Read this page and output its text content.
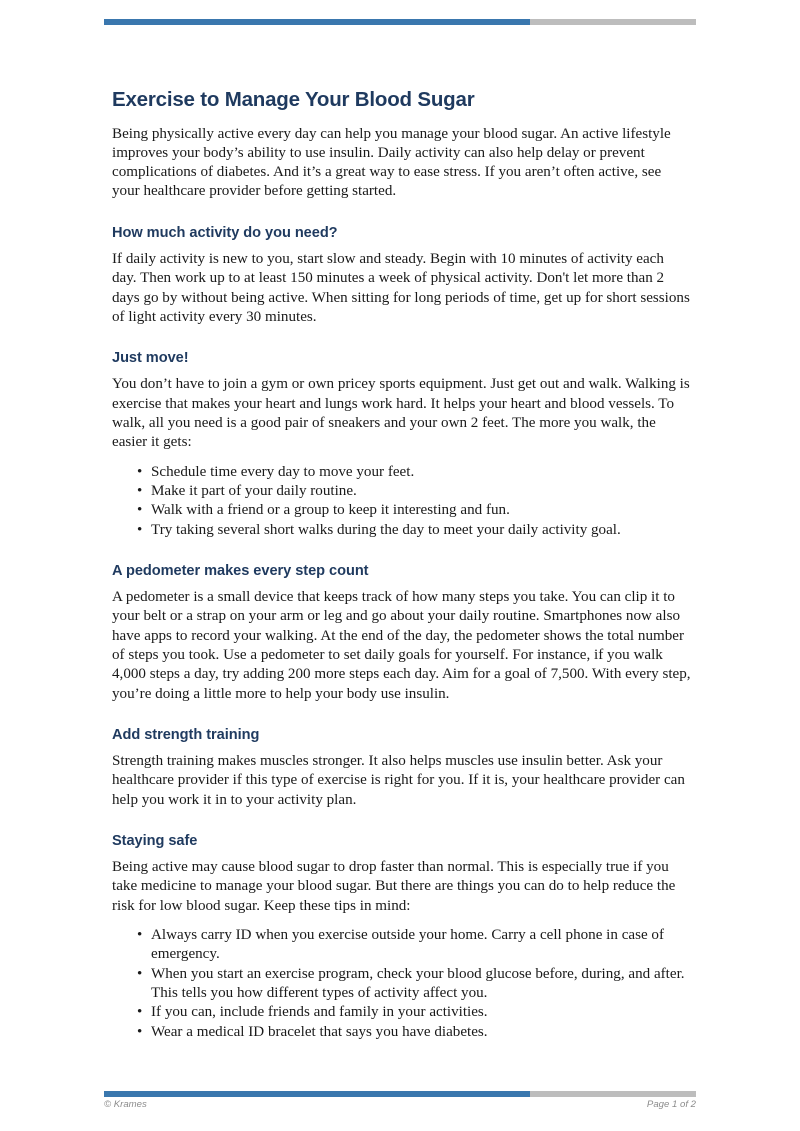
Exercise to Manage Your Blood Sugar

Being physically active every day can help you manage your blood sugar. An active lifestyle improves your body’s ability to use insulin. Daily activity can also help delay or prevent complications of diabetes. And it’s a great way to ease stress. If you aren’t often active, see your healthcare provider before getting started.

How much activity do you need?

If daily activity is new to you, start slow and steady. Begin with 10 minutes of activity each day. Then work up to at least 150 minutes a week of physical activity. Don't let more than 2 days go by without being active. When sitting for long periods of time, get up for short sessions of light activity every 30 minutes.

Just move!

You don’t have to join a gym or own pricey sports equipment. Just get out and walk. Walking is exercise that makes your heart and lungs work hard. It helps your heart and blood vessels. To walk, all you need is a good pair of sneakers and your own 2 feet. The more you walk, the easier it gets:

• Schedule time every day to move your feet.
• Make it part of your daily routine.
• Walk with a friend or a group to keep it interesting and fun.
• Try taking several short walks during the day to meet your daily activity goal.
A pedometer makes every step count

A pedometer is a small device that keeps track of how many steps you take. You can clip it to your belt or a strap on your arm or leg and go about your daily routine. Smartphones now also have apps to record your walking. At the end of the day, the pedometer shows the total number of steps you took. Use a pedometer to set daily goals for yourself. For instance, if you walk 4,000 steps a day, try adding 200 more steps each day. Aim for a goal of 7,500. With every step, you’re doing a little more to help your body use insulin.

Add strength training

Strength training makes muscles stronger. It also helps muscles use insulin better. Ask your healthcare provider if this type of exercise is right for you. If it is, your healthcare provider can help you work it in to your activity plan.

Staying safe

Being active may cause blood sugar to drop faster than normal. This is especially true if you take medicine to manage your blood sugar. But there are things you can do to help reduce the risk for low blood sugar. Keep these tips in mind:

• Always carry ID when you exercise outside your home. Carry a cell phone in case of emergency.
• When you start an exercise program, check your blood glucose before, during, and after. This tells you how different types of activity affect you.
• If you can, include friends and family in your activities.
• Wear a medical ID bracelet that says you have diabetes.
© Krames	Page 1 of 2
